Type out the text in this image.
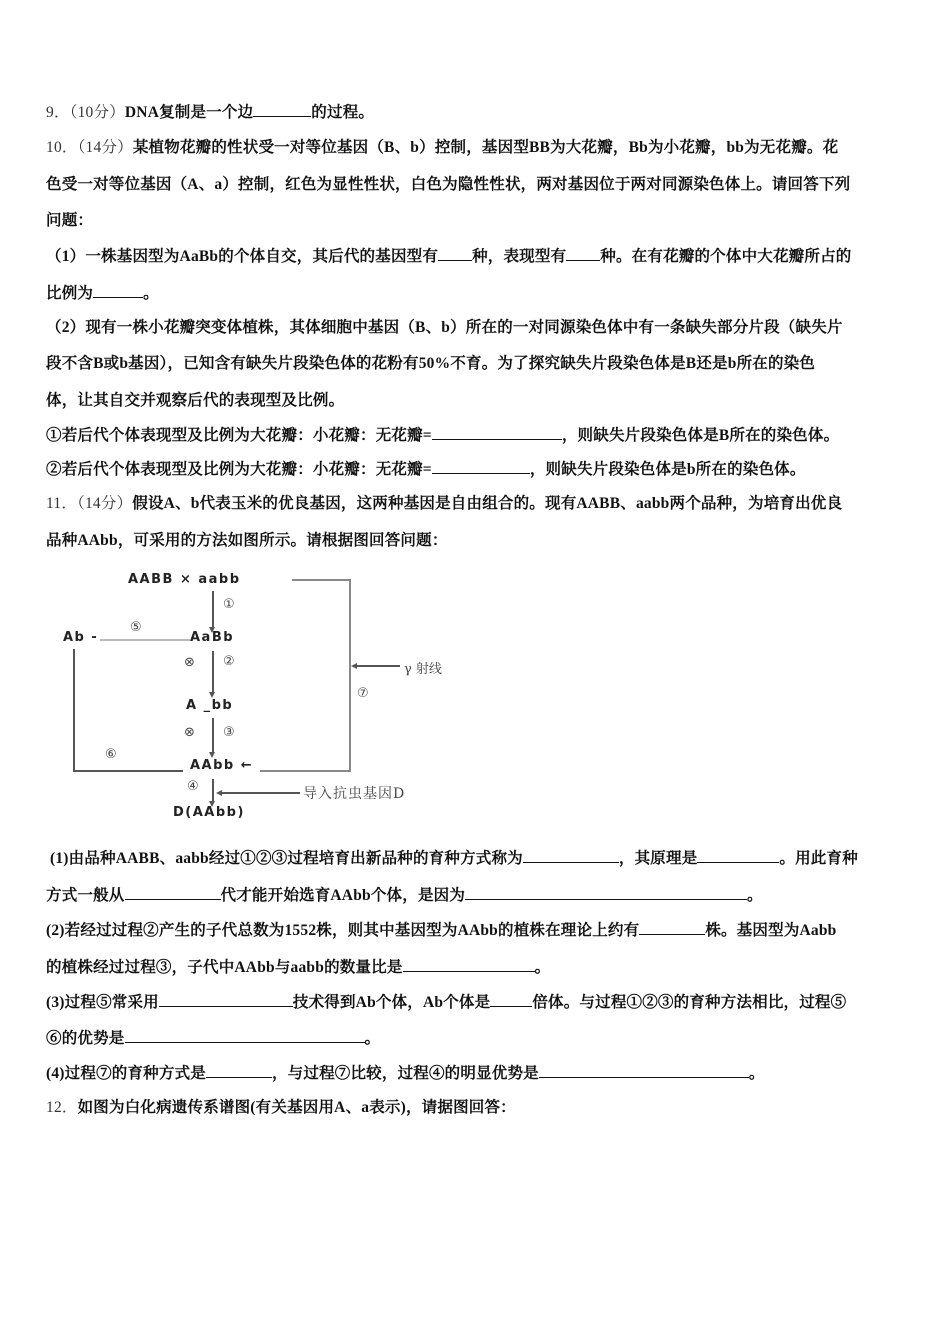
9．（10分）DNA复制是一个边	的过程。
10．（14分）某植物花瓣的性状受一对等位基因（B、b）控制，基因型BB为大花瓣，Bb为小花瓣，bb为无花瓣。花
色受一对等位基因（A、a）控制，红色为显性性状，白色为隐性性状，两对基因位于两对同源染色体上。请回答下列
问题：
（1）一株基因型为AaBb的个体自交，其后代的基因型有 种，表现型有 种。在有花瓣的个体中大花瓣所占的
比例为	。
（2）现有一株小花瓣突变体植株，其体细胞中基因（B、b）所在的一对同源染色体中有一条缺失部分片段（缺失片
段不含B或b基因），已知含有缺失片段染色体的花粉有50%不育。为了探究缺失片段染色体是B还是b所在的染色
体，让其自交并观察后代的表现型及比例。
①若后代个体表现型及比例为大花瓣：小花瓣：无花瓣=	，则缺失片段染色体是B所在的染色体。
②若后代个体表现型及比例为大花瓣：小花瓣：无花瓣=	，则缺失片段染色体是b所在的染色体。
11．（14分）假设A、b代表玉米的优良基因，这两种基因是自由组合的。现有AABB、aabb两个品种，为培育出优良
品种AAbb，可采用的方法如图所示。请根据图回答问题：
AABB × aabb
①
AaBb
Ab -
⑤
⊗ ②
A _bb
⊗ ③
AAbb ←
⑥
⑦
γ 射线
④	导入抗虫基因D
D(AAbb)
(1)由品种AABB、aabb经过①②③过程培育出新品种的育种方式称为	，其原理是	。用此育种
方式一般从	代才能开始选育AAbb个体，是因为	。
(2)若经过过程②产生的子代总数为1552株，则其中基因型为AAbb的植株在理论上约有	株。基因型为Aabb
的植株经过过程③，子代中AAbb与aabb的数量比是	。
(3)过程⑤常采用	技术得到Ab个体，Ab个体是	倍体。与过程①②③的育种方法相比，过程⑤
⑥的优势是	。
(4)过程⑦的育种方式是	，与过程⑦比较，过程④的明显优势是	。
12．如图为白化病遗传系谱图(有关基因用A、a表示)，请据图回答：
